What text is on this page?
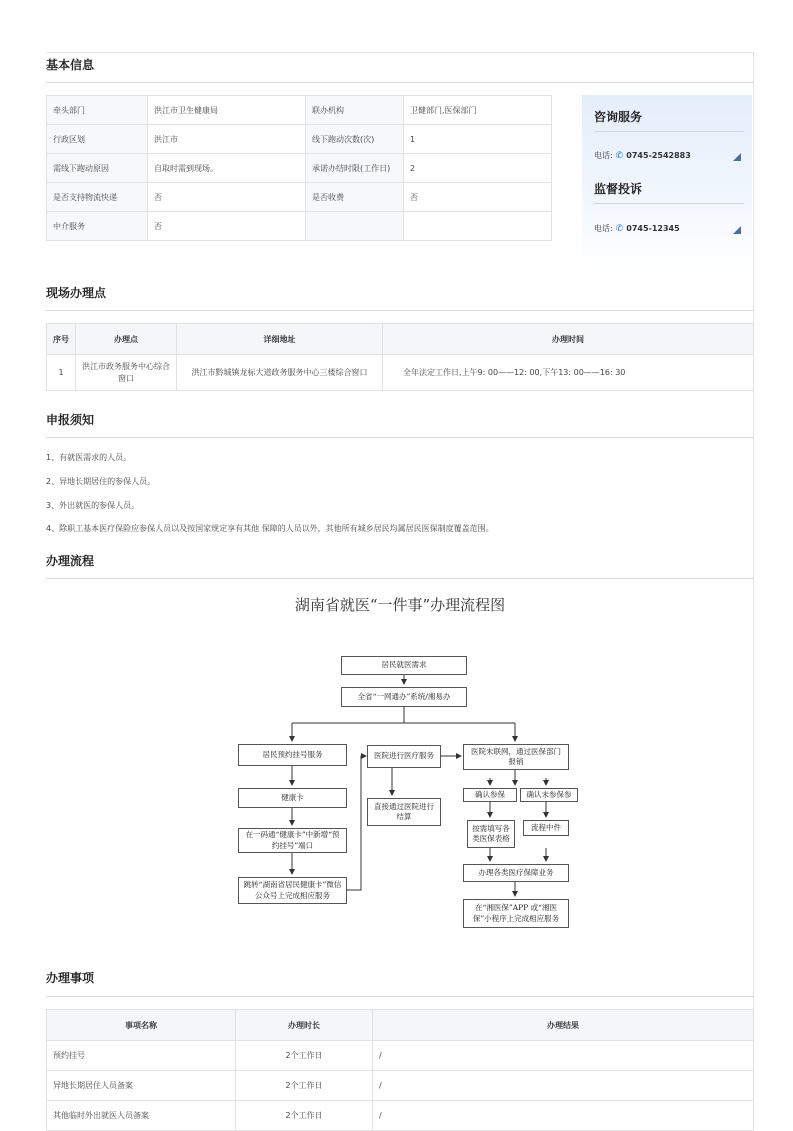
基本信息
牵头部门	洪江市卫生健康局	联办机构	卫健部门,医保部门
行政区划	洪江市	线下跑动次数(次)	1
需线下跑动原因	自取时需到现场。	承诺办结时限(工作日)	2
是否支持物流快递	否	是否收费	否
中介服务	否		
咨询服务
电话: ✆ 0745-2542883
监督投诉
电话: ✆ 0745-12345
现场办理点
序号	办理点	详细地址	办理时间
1	洪江市政务服务中心综合窗口	洪江市黔城镇龙标大道政务服务中心三楼综合窗口	全年法定工作日,上午9: 00——12: 00,下午13: 00——16: 30
申报须知
1、有就医需求的人员。
2、异地长期居住的参保人员。
3、外出就医的参保人员。
4、除职工基本医疗保险应参保人员以及按国家规定享有其他 保障的人员以外，其他所有城乡居民均属居民医保制度覆盖范围。
办理流程
湖南省就医“一件事”办理流程图
居民就医需求
全省“一网通办”系统/湘易办
居民预约挂号服务
健康卡
在一码通“健康卡”中新增“预约挂号”端口
跳转“湖南省居民健康卡”微信公众号上完成相应服务
医院进行医疗服务
直接通过医院进行结算
医院未联网，通过医保部门报销
确认参保	确认未参保参
按需填写各类医保表格
流程中件
办理各类医疗保障业务
在“湘医保”APP 或“湘医保”小程序上完成相应服务
办理事项
事项名称	办理时长	办理结果
预约挂号	2个工作日	/
异地长期居住人员备案	2个工作日	/
其他临时外出就医人员备案	2个工作日	/
